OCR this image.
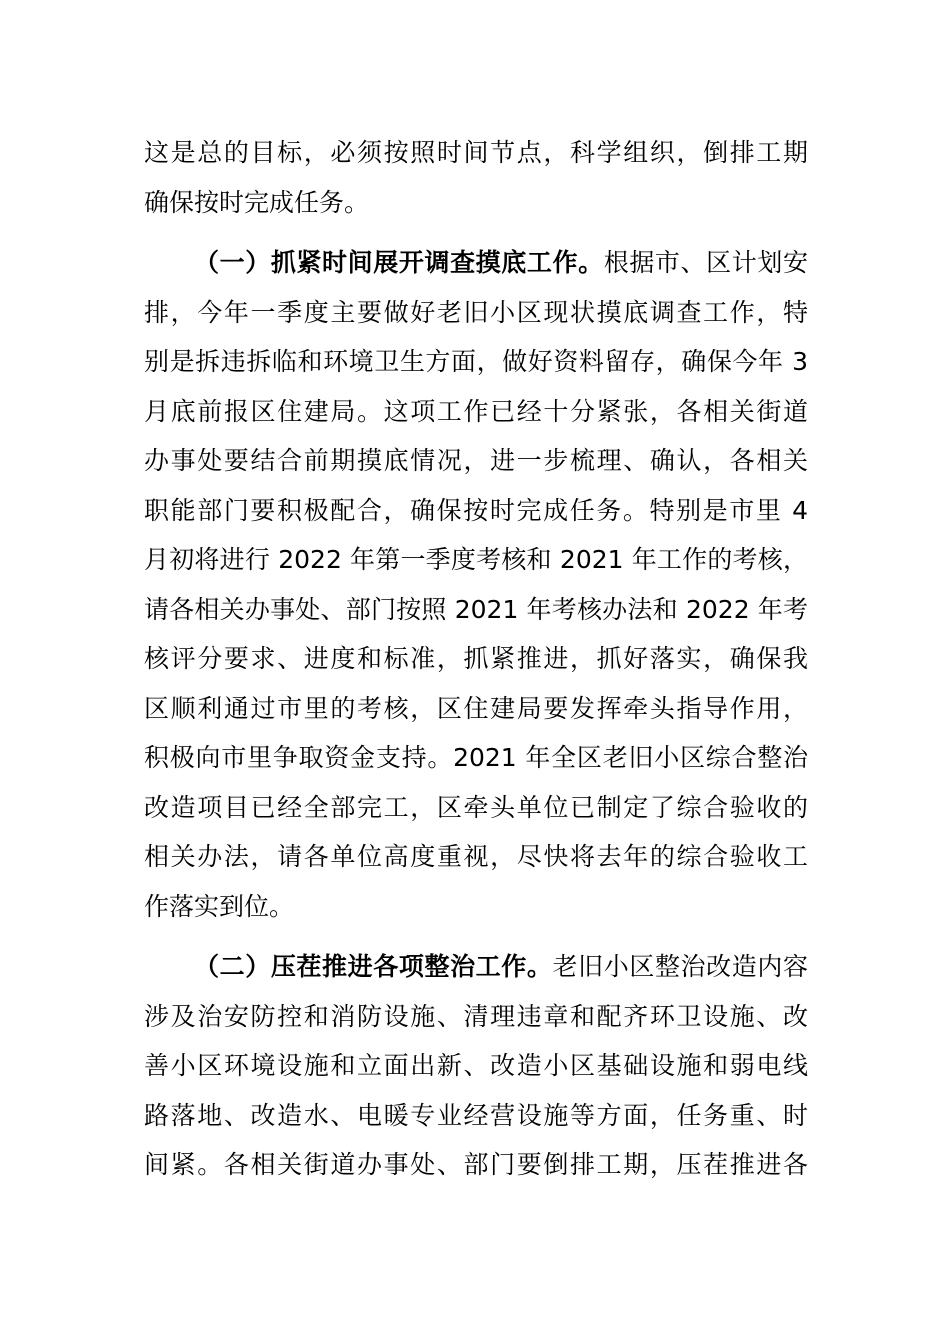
这是总的目标，必须按照时间节点，科学组织，倒排工期
确保按时完成任务。
（一）抓紧时间展开调查摸底工作。根据市、区计划安
排，今年一季度主要做好老旧小区现状摸底调查工作，特
别是拆违拆临和环境卫生方面，做好资料留存，确保今年 3
月底前报区住建局。这项工作已经十分紧张，各相关街道
办事处要结合前期摸底情况，进一步梳理、确认，各相关
职能部门要积极配合，确保按时完成任务。特别是市里 4
月初将进行 2022 年第一季度考核和 2021 年工作的考核，
请各相关办事处、部门按照 2021 年考核办法和 2022 年考
核评分要求、进度和标准，抓紧推进，抓好落实，确保我
区顺利通过市里的考核，区住建局要发挥牵头指导作用，
积极向市里争取资金支持。2021 年全区老旧小区综合整治
改造项目已经全部完工，区牵头单位已制定了综合验收的
相关办法，请各单位高度重视，尽快将去年的综合验收工
作落实到位。
（二）压茬推进各项整治工作。老旧小区整治改造内容
涉及治安防控和消防设施、清理违章和配齐环卫设施、改
善小区环境设施和立面出新、改造小区基础设施和弱电线
路落地、改造水、电暖专业经营设施等方面，任务重、时
间紧。各相关街道办事处、部门要倒排工期，压茬推进各
